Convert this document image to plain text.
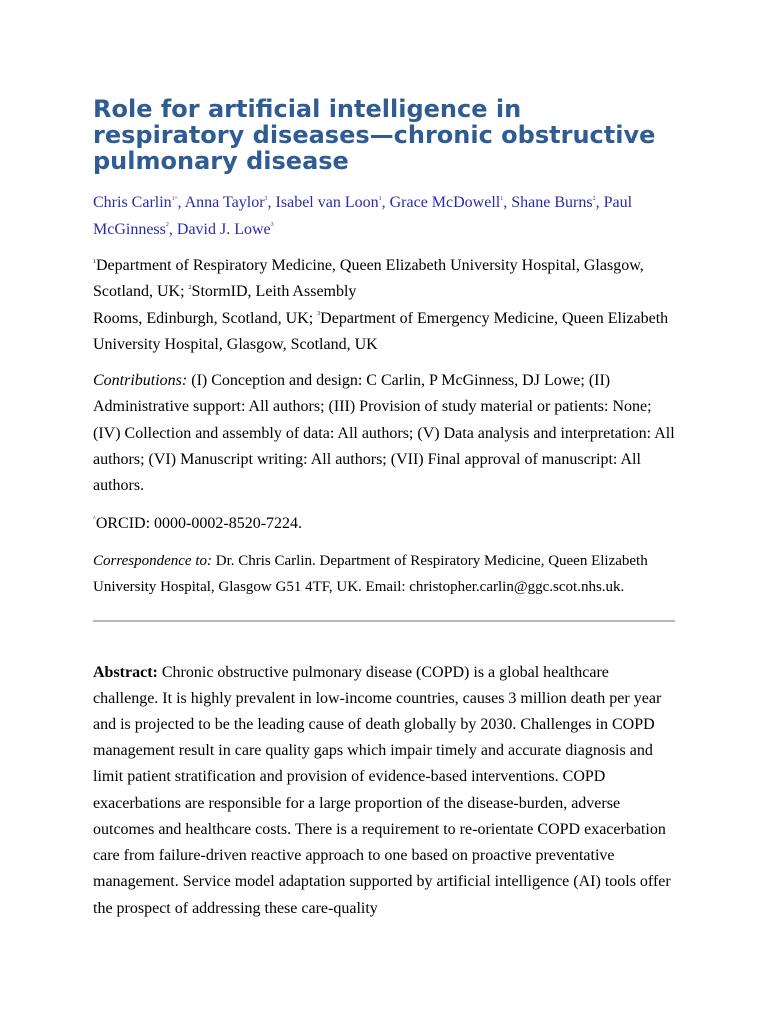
Role for artificial intelligence in respiratory diseases—chronic obstructive pulmonary disease

Chris Carlin$^{1\^{}}$, Anna Taylor$^3$, Isabel van Loon$^1$, Grace McDowell$^1$, Shane Burns$^2$, Paul McGinness$^2$, David J. Lowe$^3$

$^1$Department of Respiratory Medicine, Queen Elizabeth University Hospital, Glasgow, Scotland, UK; $^2$StormID, Leith Assembly
Rooms, Edinburgh, Scotland, UK; $^3$Department of Emergency Medicine, Queen Elizabeth University Hospital, Glasgow, Scotland, UK

Contributions: (I) Conception and design: C Carlin, P McGinness, DJ Lowe; (II) Administrative support: All authors; (III) Provision of study material or patients: None; (IV) Collection and assembly of data: All authors; (V) Data analysis and interpretation: All authors; (VI) Manuscript writing: All authors; (VII) Final approval of manuscript: All authors.

^ORCID: 0000-0002-8520-7224.

Correspondence to: Dr. Chris Carlin. Department of Respiratory Medicine, Queen Elizabeth University Hospital, Glasgow G51 4TF, UK. Email: christopher.carlin@ggc.scot.nhs.uk.

Abstract: Chronic obstructive pulmonary disease (COPD) is a global healthcare challenge. It is highly prevalent in low-income countries, causes 3 million death per year and is projected to be the leading cause of death globally by 2030. Challenges in COPD management result in care quality gaps which impair timely and accurate diagnosis and limit patient stratification and provision of evidence-based interventions. COPD exacerbations are responsible for a large proportion of the disease-burden, adverse outcomes and healthcare costs. There is a requirement to re-orientate COPD exacerbation care from failure-driven reactive approach to one based on proactive preventative management. Service model adaptation supported by artificial intelligence (AI) tools offer the prospect of addressing these care-quality
